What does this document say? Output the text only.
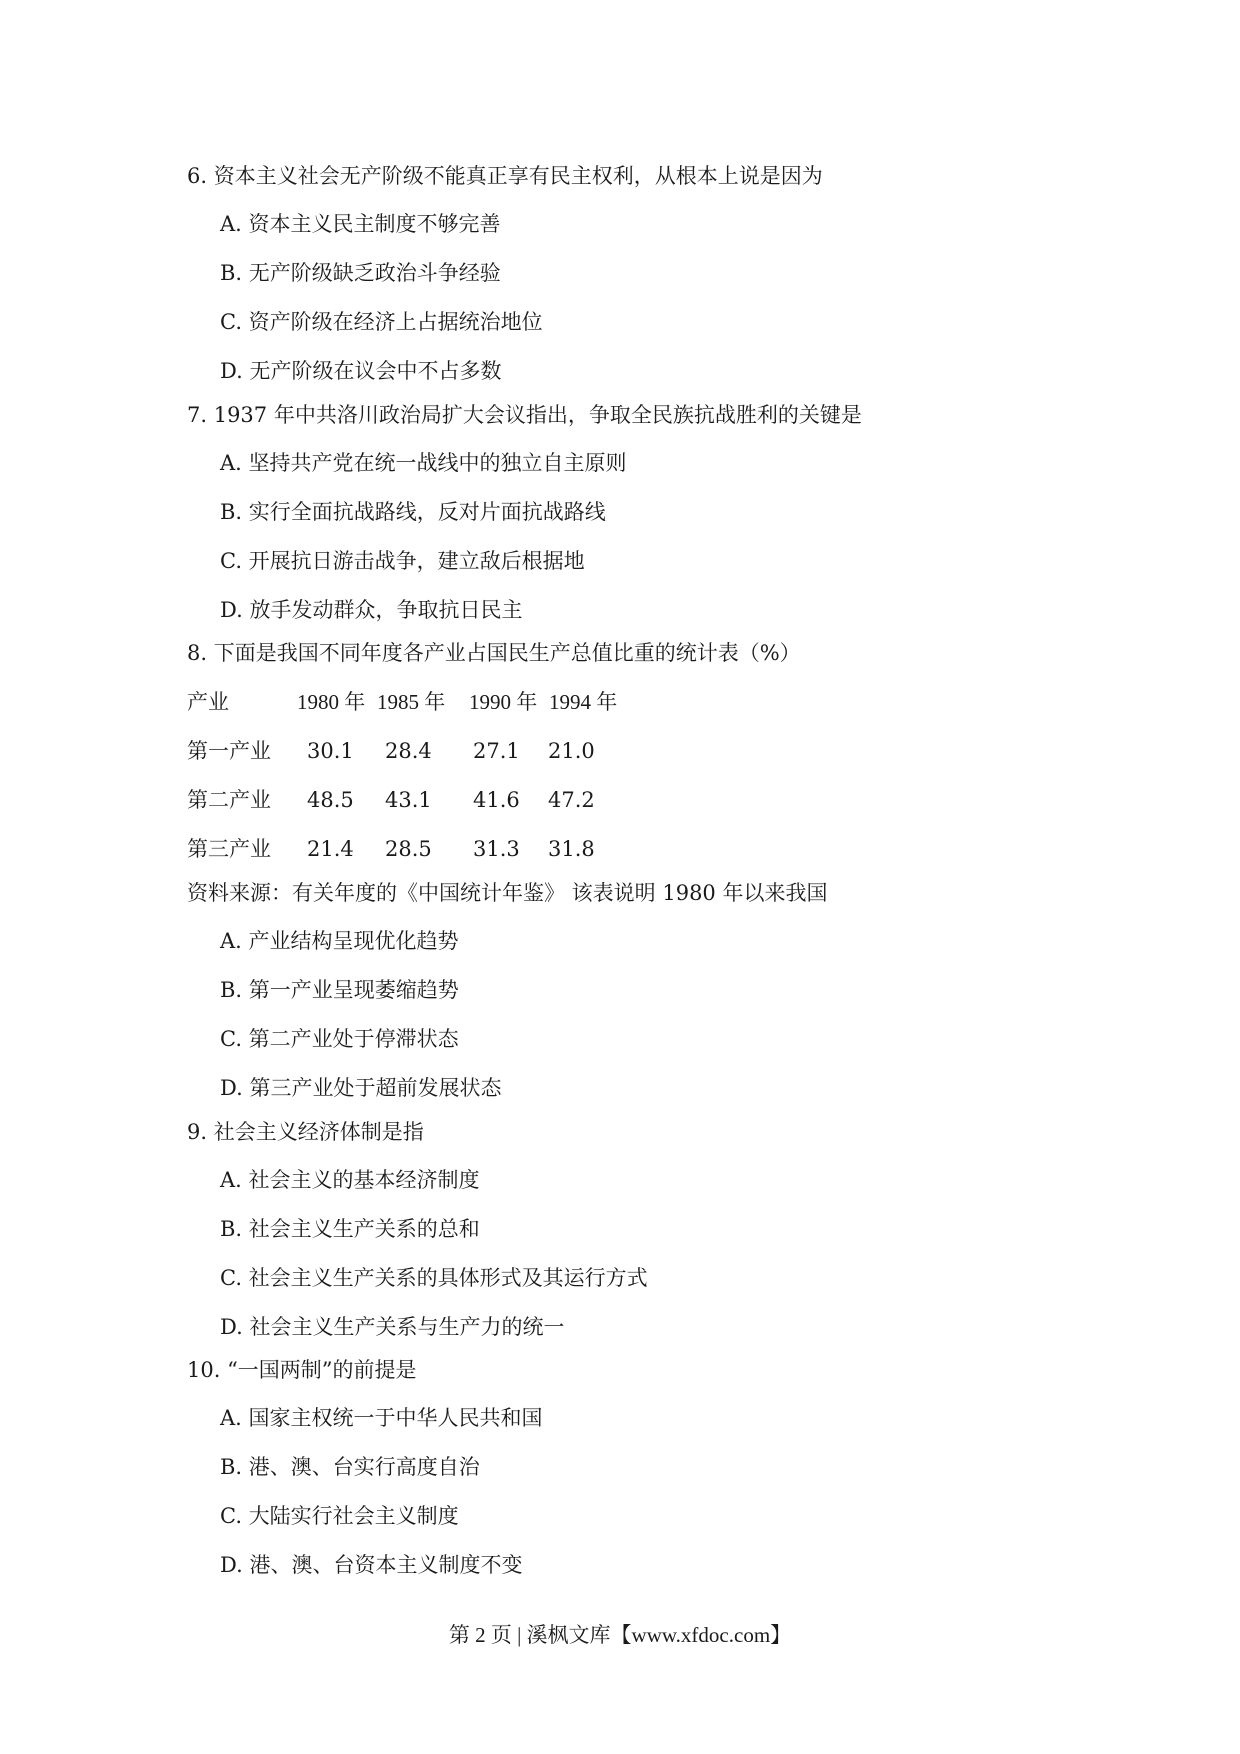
6. 资本主义社会无产阶级不能真正享有民主权利，从根本上说是因为
A. 资本主义民主制度不够完善
B. 无产阶级缺乏政治斗争经验
C. 资产阶级在经济上占据统治地位
D. 无产阶级在议会中不占多数
7. 1937 年中共洛川政治局扩大会议指出，争取全民族抗战胜利的关键是
A. 坚持共产党在统一战线中的独立自主原则
B. 实行全面抗战路线，反对片面抗战路线
C. 开展抗日游击战争，建立敌后根据地
D. 放手发动群众，争取抗日民主
8. 下面是我国不同年度各产业占国民生产总值比重的统计表（%）
产业	1980 年 1985 年 1990 年 1994 年
第一产业 30.1 28.4 27.1 21.0
第二产业 48.5 43.1 41.6 47.2
第三产业 21.4 28.5 31.3 31.8
资料来源：有关年度的《中国统计年鉴》 该表说明 1980 年以来我国
A. 产业结构呈现优化趋势
B. 第一产业呈现萎缩趋势
C. 第二产业处于停滞状态
D. 第三产业处于超前发展状态
9. 社会主义经济体制是指
A. 社会主义的基本经济制度
B. 社会主义生产关系的总和
C. 社会主义生产关系的具体形式及其运行方式
D. 社会主义生产关系与生产力的统一
10. “一国两制”的前提是
A. 国家主权统一于中华人民共和国
B. 港、澳、台实行高度自治
C. 大陆实行社会主义制度
D. 港、澳、台资本主义制度不变
第 2 页 | 溪枫文库【www.xfdoc.com】
